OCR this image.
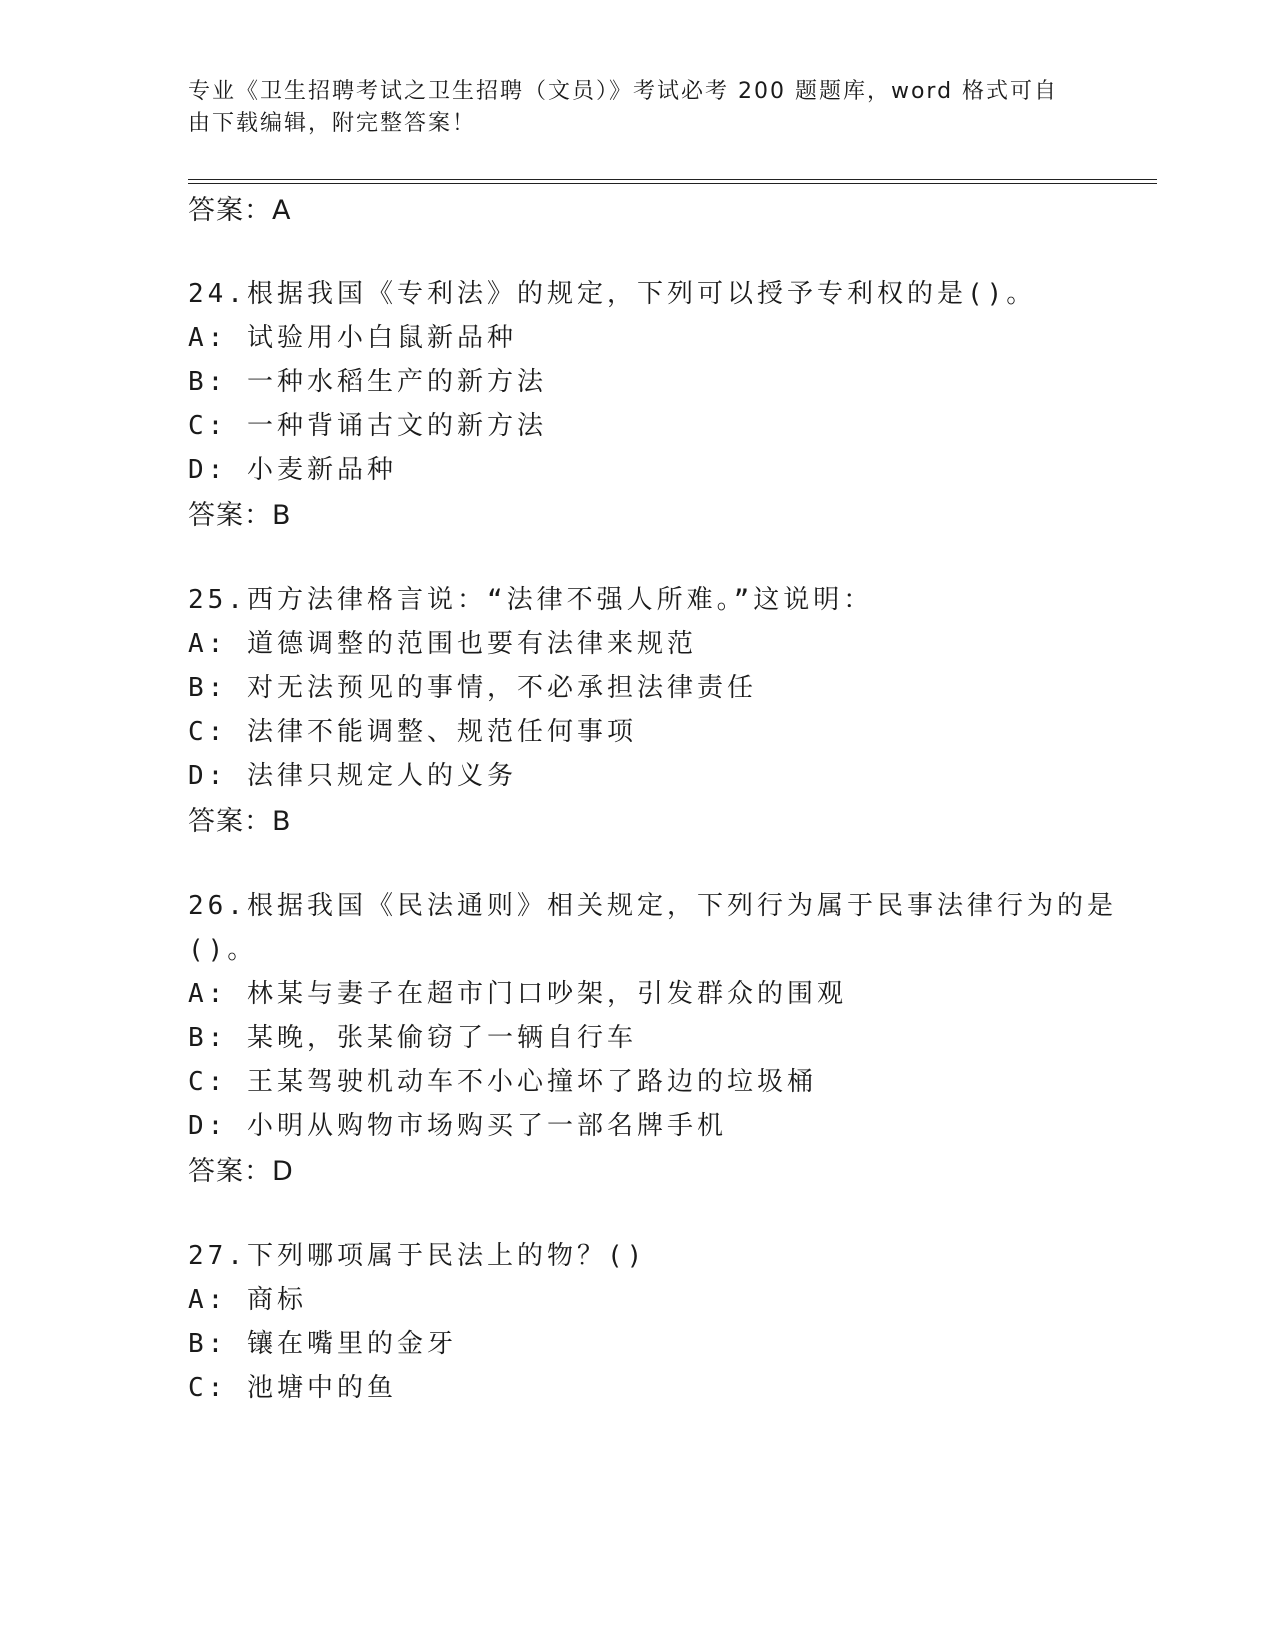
专业《卫生招聘考试之卫生招聘（文员）》考试必考 200 题题库，word 格式可自
由下载编辑，附完整答案！
答案：A
24.根据我国《专利法》的规定，下列可以授予专利权的是()。
A: 试验用小白鼠新品种
B: 一种水稻生产的新方法
C: 一种背诵古文的新方法
D: 小麦新品种
答案：B
25.西方法律格言说：“法律不强人所难。”这说明：
A: 道德调整的范围也要有法律来规范
B: 对无法预见的事情，不必承担法律责任
C: 法律不能调整、规范任何事项
D: 法律只规定人的义务
答案：B
26.根据我国《民法通则》相关规定，下列行为属于民事法律行为的是
()。
A: 林某与妻子在超市门口吵架，引发群众的围观
B: 某晚，张某偷窃了一辆自行车
C: 王某驾驶机动车不小心撞坏了路边的垃圾桶
D: 小明从购物市场购买了一部名牌手机
答案：D
27.下列哪项属于民法上的物？()
A: 商标
B: 镶在嘴里的金牙
C: 池塘中的鱼
